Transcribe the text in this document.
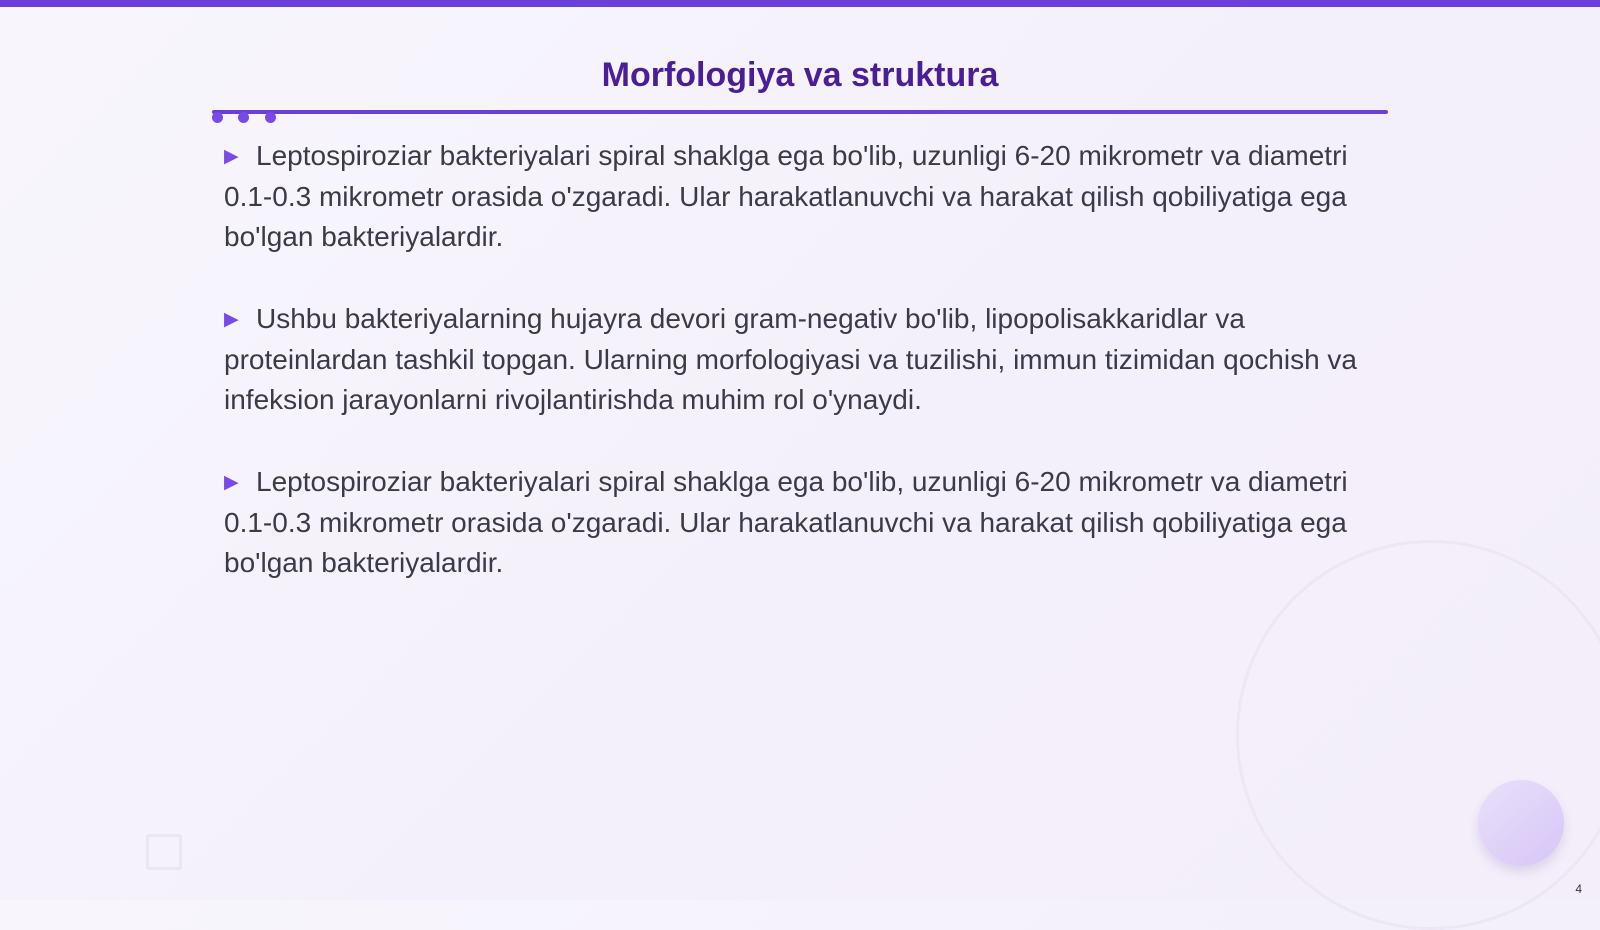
Morfologiya va struktura

▶ Leptospiroziar bakteriyalari spiral shaklga ega bo'lib, uzunligi 6-20 mikrometr va diametri 0.1-0.3 mikrometr orasida o'zgaradi. Ular harakatlanuvchi va harakat qilish qobiliyatiga ega bo'lgan bakteriyalardir.

▶ Ushbu bakteriyalarning hujayra devori gram-negativ bo'lib, lipopolisakkaridlar va proteinlardan tashkil topgan. Ularning morfologiyasi va tuzilishi, immun tizimidan qochish va infeksion jarayonlarni rivojlantirishda muhim rol o'ynaydi.

▶ Leptospiroziar bakteriyalari spiral shaklga ega bo'lib, uzunligi 6-20 mikrometr va diametri 0.1-0.3 mikrometr orasida o'zgaradi. Ular harakatlanuvchi va harakat qilish qobiliyatiga ega bo'lgan bakteriyalardir.

4
